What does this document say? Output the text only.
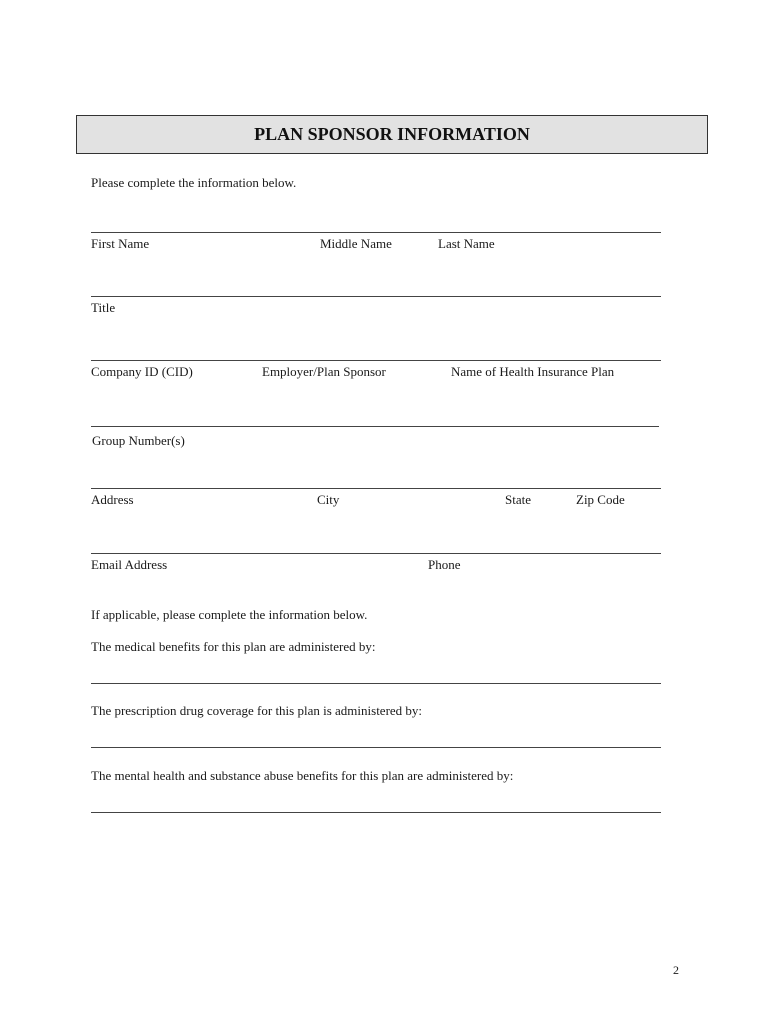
PLAN SPONSOR INFORMATION
Please complete the information below.
First Name	Middle Name	Last Name
Title
Company ID (CID)	Employer/Plan Sponsor	Name of Health Insurance Plan
Group Number(s)
Address	City	State	Zip Code
Email Address	Phone
If applicable, please complete the information below.
The medical benefits for this plan are administered by:
The prescription drug coverage for this plan is administered by:
The mental health and substance abuse benefits for this plan are administered by:
2
